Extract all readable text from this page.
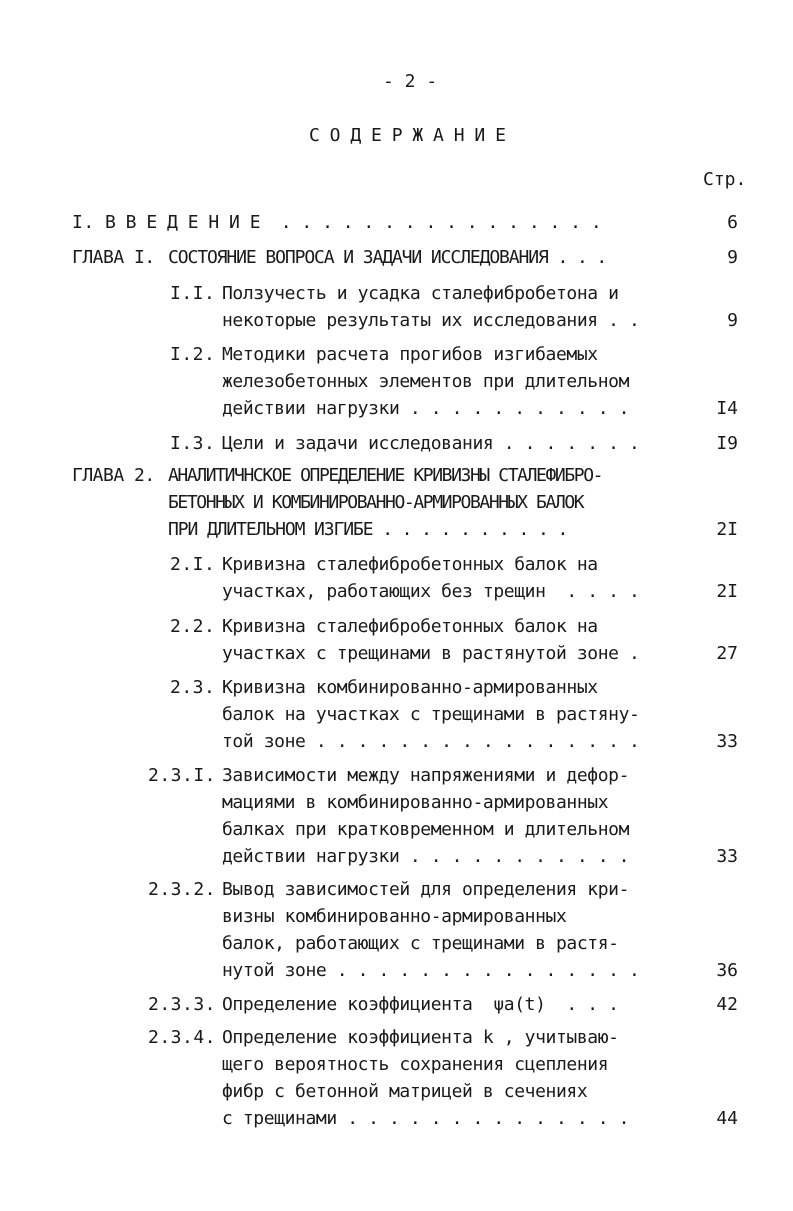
- 2 -
С О Д Е Р Ж А Н И Е
Стр.
I. В В Е Д Е Н И Е  . . . . . . . . . . . . . . . .	6
ГЛАВА I. СОСТОЯНИЕ ВОПРОСА И ЗАДАЧИ ИССЛЕДОВАНИЯ . . .	9
I.I. Ползучесть и усадка сталефибробетона и
некоторые результаты их исследования . .	9
I.2. Методики расчета прогибов изгибаемых
железобетонных элементов при длительном
действии нагрузки . . . . . . . . . . .	I4
I.3. Цели и задачи исследования . . . . . . .	I9
ГЛАВА 2. АНАЛИТИЧНСКОЕ ОПРЕДЕЛЕНИЕ КРИВИЗНЫ СТАЛЕФИБРО-
БЕТОННЫХ И КОМБИНИРОВАННО-АРМИРОВАННЫХ БАЛОК
ПРИ ДЛИТЕЛЬНОМ ИЗГИБЕ . . . . . . . . . .	2I
2.I. Кривизна сталефибробетонных балок на
участках, работающих без трещин  . . . .	2I
2.2. Кривизна сталефибробетонных балок на
участках с трещинами в растянутой зоне .	27
2.3. Кривизна комбинированно-армированных
балок на участках с трещинами в растяну-
той зоне . . . . . . . . . . . . . . . .	33
2.3.I. Зависимости между напряжениями и дефор-
мациями в комбинированно-армированных
балках при кратковременном и длительном
действии нагрузки . . . . . . . . . . .	33
2.3.2. Вывод зависимостей для определения кри-
визны комбинированно-армированных
балок, работающих с трещинами в растя-
нутой зоне . . . . . . . . . . . . . . .	36
2.3.3. Определение коэффициента  ψa(t)  . . .	42
2.3.4. Определение коэффициента k , учитываю-
щего вероятность сохранения сцепления
фибр с бетонной матрицей в сечениях
с трещинами . . . . . . . . . . . . . .	44
